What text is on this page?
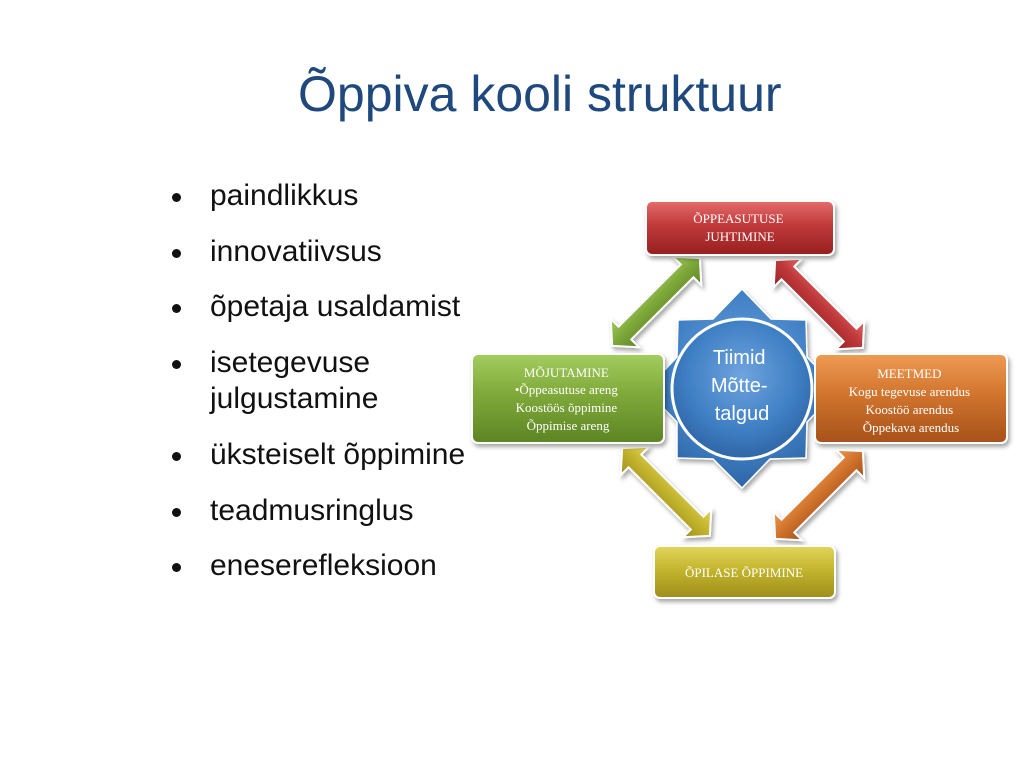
Õppiva kooli struktuur
paindlikkus
innovatiivsus
õpetaja usaldamist
isetegevuse julgustamine
üksteiselt õppimine
teadmusringlus
eneserefleksioon
Tiimid Mõtte- talgud
ÕPPEASUTUSE JUHTIMINE
MEETMED Kogu tegevuse arendus Koostöö arendus Õppekava arendus
MÕJUTAMINE •Õppeasutuse areng Koostöös õppimine Õppimise areng
ÕPILASE ÕPPIMINE
